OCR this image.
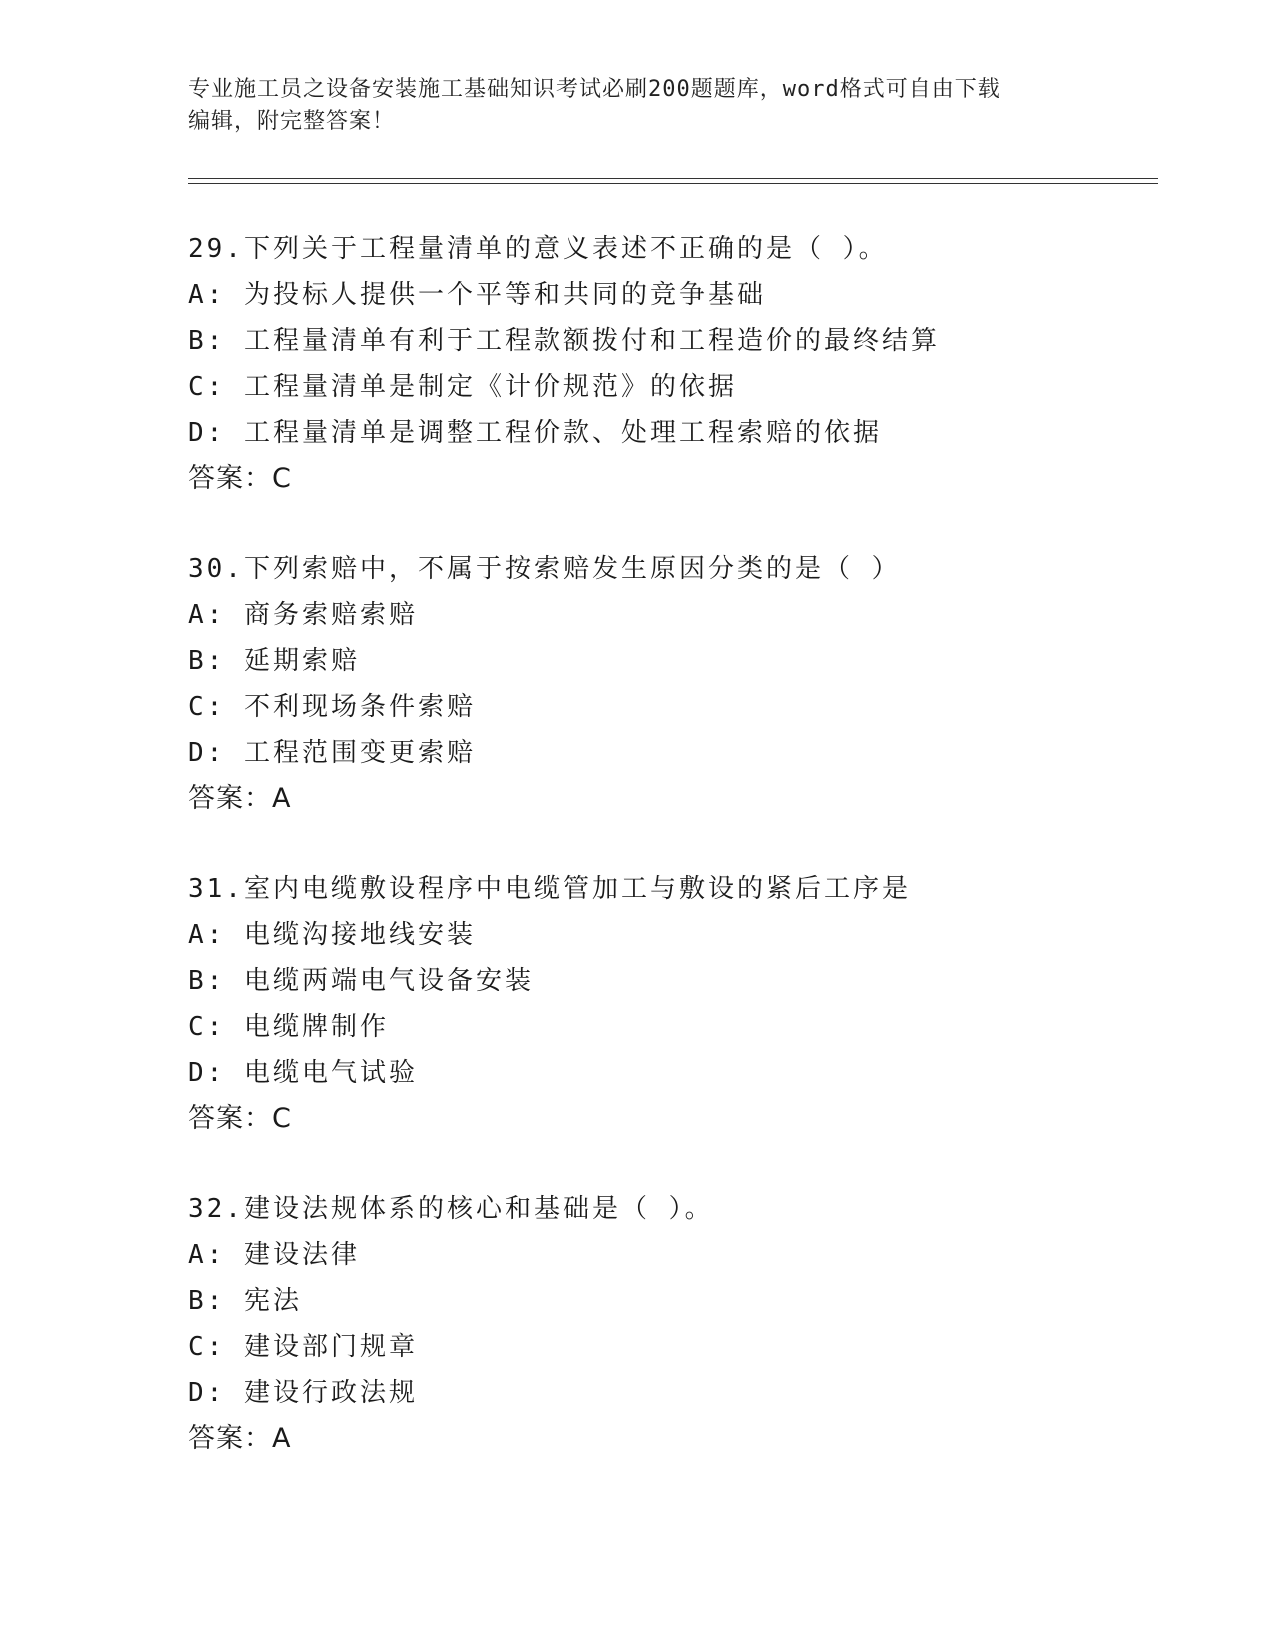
专业施工员之设备安装施工基础知识考试必刷200题题库，word格式可自由下载
编辑，附完整答案！
29.下列关于工程量清单的意义表述不正确的是（ ）。
A: 为投标人提供一个平等和共同的竞争基础
B: 工程量清单有利于工程款额拨付和工程造价的最终结算
C: 工程量清单是制定《计价规范》的依据
D: 工程量清单是调整工程价款、处理工程索赔的依据
答案：C
30.下列索赔中，不属于按索赔发生原因分类的是（ ）
A: 商务索赔索赔
B: 延期索赔
C: 不利现场条件索赔
D: 工程范围变更索赔
答案：A
31.室内电缆敷设程序中电缆管加工与敷设的紧后工序是
A: 电缆沟接地线安装
B: 电缆两端电气设备安装
C: 电缆牌制作
D: 电缆电气试验
答案：C
32.建设法规体系的核心和基础是（ ）。
A: 建设法律
B: 宪法
C: 建设部门规章
D: 建设行政法规
答案：A
